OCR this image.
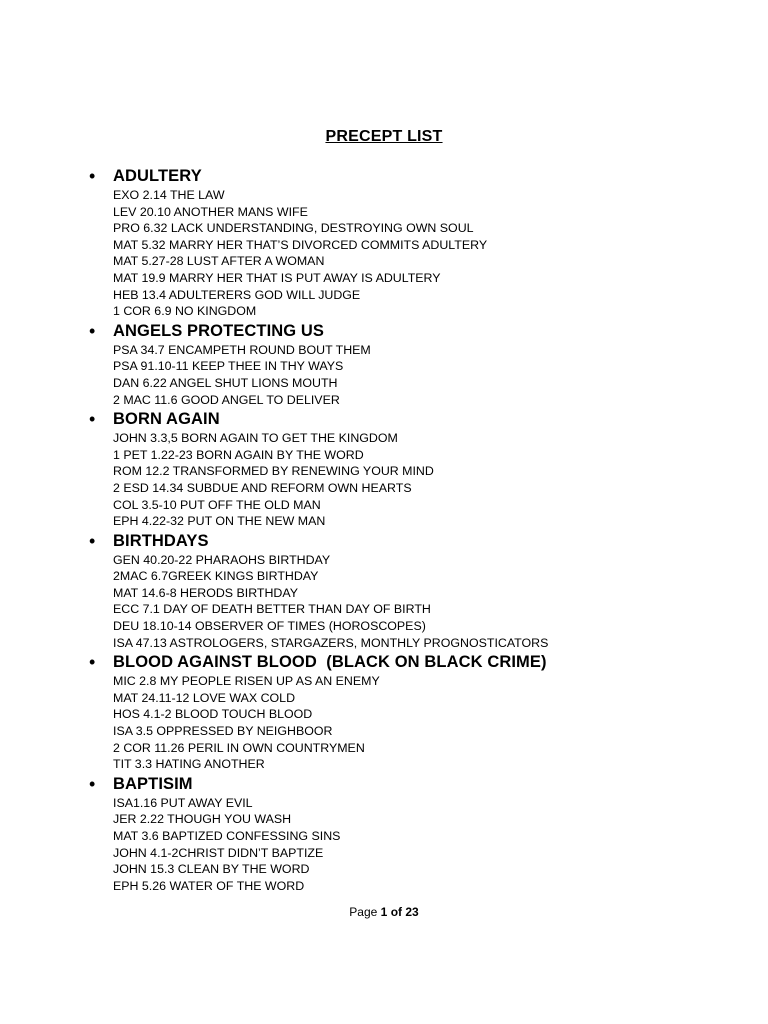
PRECEPT LIST
•	ADULTERY
EXO 2.14 THE LAW
LEV 20.10 ANOTHER MANS WIFE
PRO 6.32 LACK UNDERSTANDING, DESTROYING OWN SOUL
MAT 5.32 MARRY HER THAT’S DIVORCED COMMITS ADULTERY
MAT 5.27-28 LUST AFTER A WOMAN
MAT 19.9 MARRY HER THAT IS PUT AWAY IS ADULTERY
HEB 13.4 ADULTERERS GOD WILL JUDGE
1 COR 6.9 NO KINGDOM
•	ANGELS PROTECTING US
PSA 34.7 ENCAMPETH ROUND BOUT THEM
PSA 91.10-11 KEEP THEE IN THY WAYS
DAN 6.22 ANGEL SHUT LIONS MOUTH
2 MAC 11.6 GOOD ANGEL TO DELIVER
•	BORN AGAIN
JOHN 3.3,5 BORN AGAIN TO GET THE KINGDOM
1 PET 1.22-23 BORN AGAIN BY THE WORD
ROM 12.2 TRANSFORMED BY RENEWING YOUR MIND
2 ESD 14.34 SUBDUE AND REFORM OWN HEARTS
COL 3.5-10 PUT OFF THE OLD MAN
EPH 4.22-32 PUT ON THE NEW MAN
•	BIRTHDAYS
GEN 40.20-22 PHARAOHS BIRTHDAY
2MAC 6.7GREEK KINGS BIRTHDAY
MAT 14.6-8 HERODS BIRTHDAY
ECC 7.1 DAY OF DEATH BETTER THAN DAY OF BIRTH
DEU 18.10-14 OBSERVER OF TIMES (HOROSCOPES)
ISA 47.13 ASTROLOGERS, STARGAZERS, MONTHLY PROGNOSTICATORS
•	BLOOD AGAINST BLOOD  (BLACK ON BLACK CRIME)
MIC 2.8 MY PEOPLE RISEN UP AS AN ENEMY
MAT 24.11-12 LOVE WAX COLD
HOS 4.1-2 BLOOD TOUCH BLOOD
ISA 3.5 OPPRESSED BY NEIGHBOOR
2 COR 11.26 PERIL IN OWN COUNTRYMEN
TIT 3.3 HATING ANOTHER
•	BAPTISIM
ISA1.16 PUT AWAY EVIL
JER 2.22 THOUGH YOU WASH
MAT 3.6 BAPTIZED CONFESSING SINS
JOHN 4.1-2CHRIST DIDN’T BAPTIZE
JOHN 15.3 CLEAN BY THE WORD
EPH 5.26 WATER OF THE WORD
Page 1 of 23
